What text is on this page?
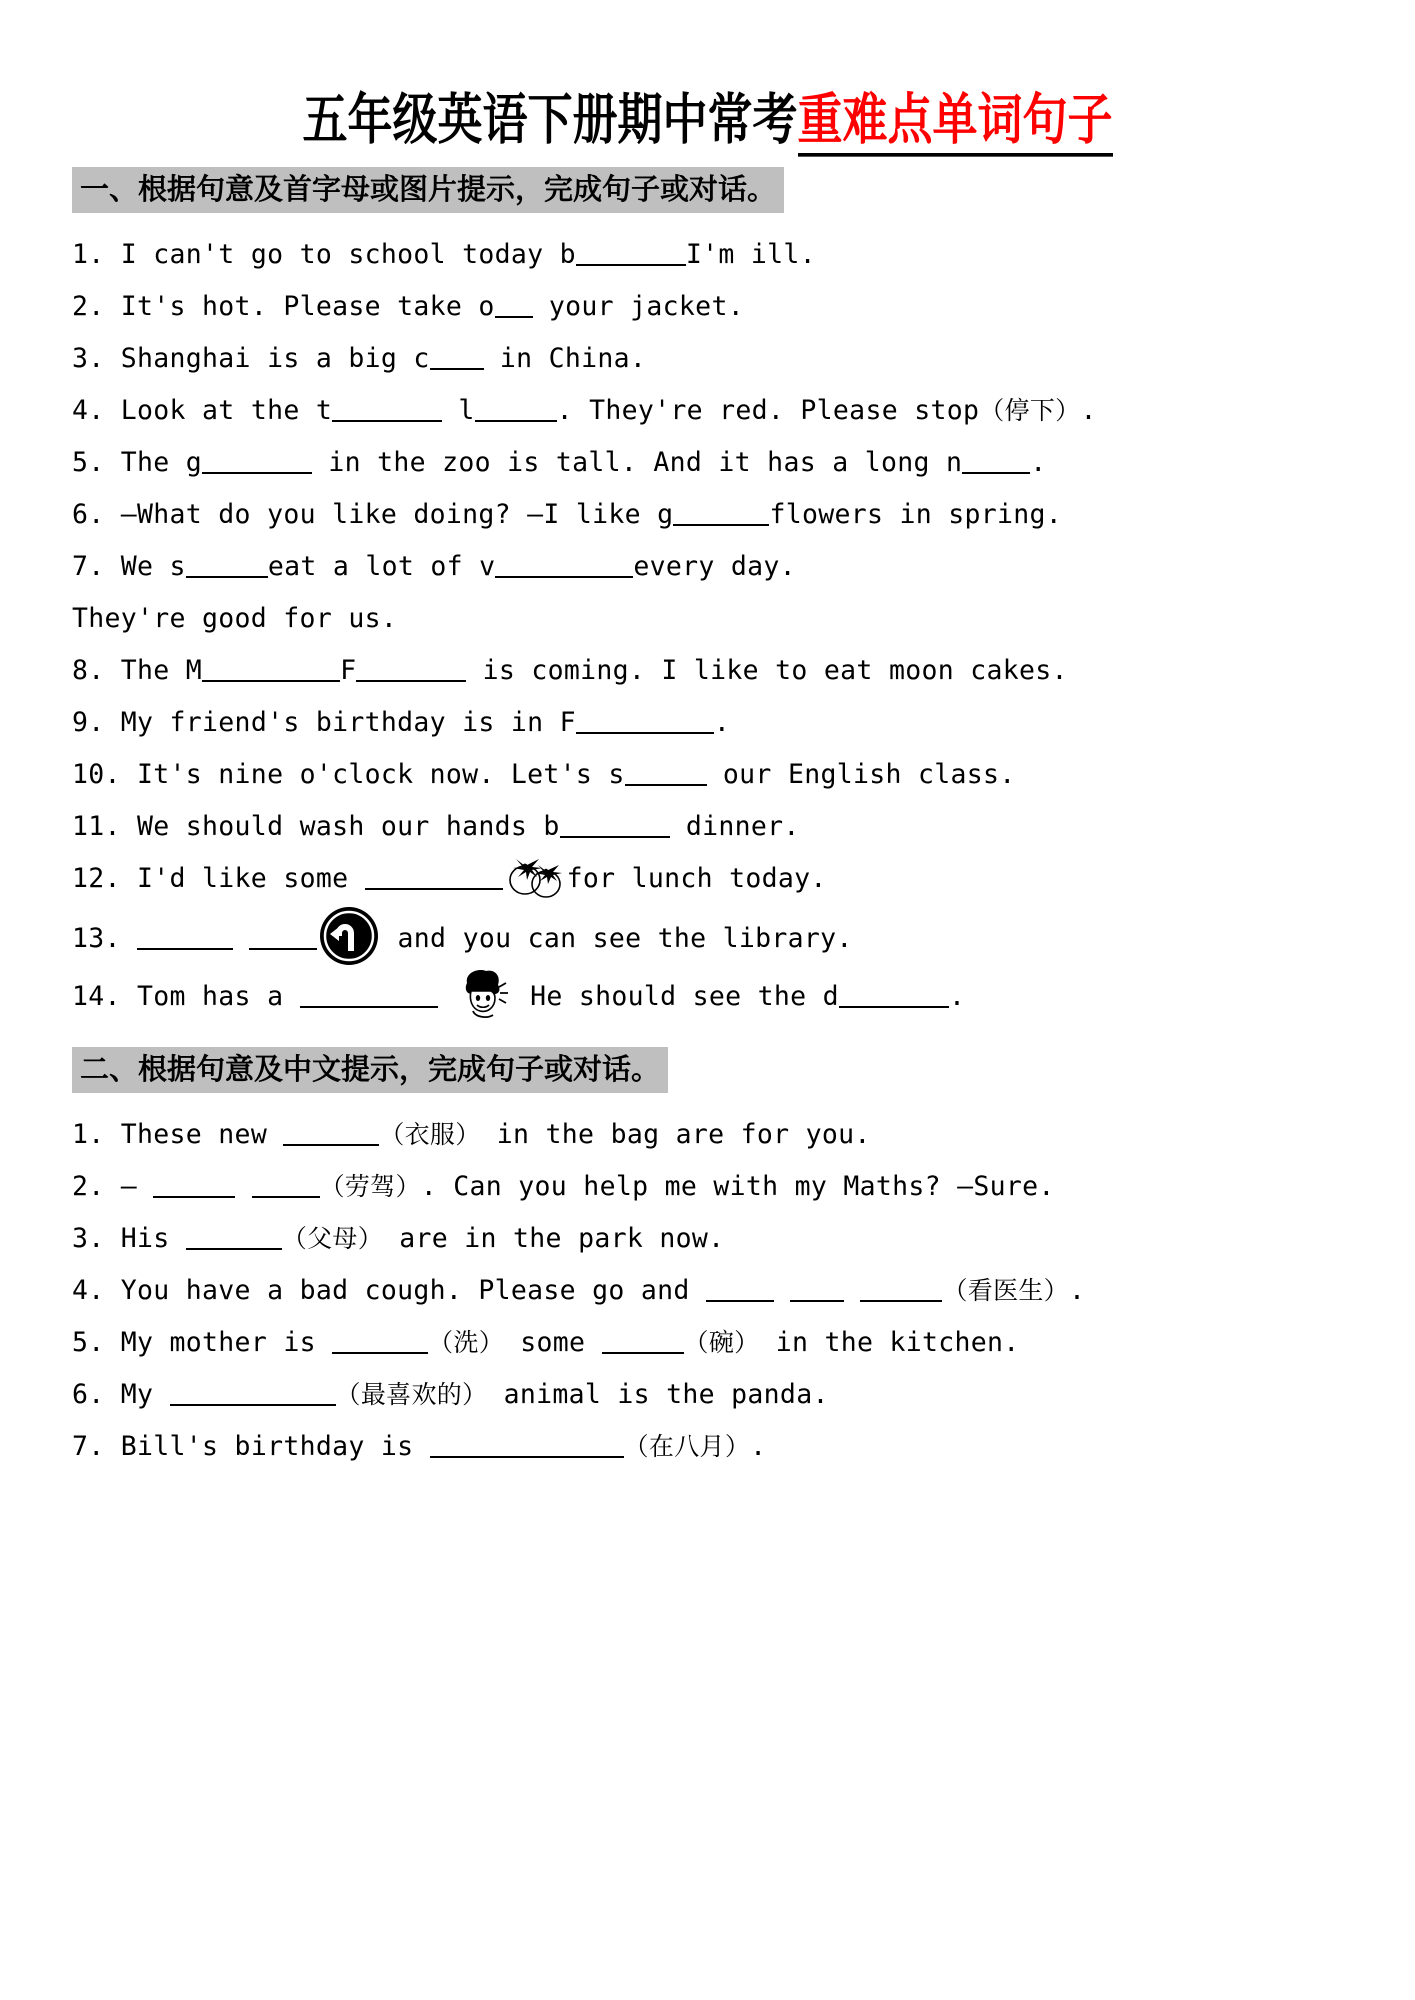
五年级英语下册期中常考重难点单词句子
一、根据句意及首字母或图片提示，完成句子或对话。
1. I can't go to school today b	I'm ill.
2. It's hot. Please take o your jacket.
3. Shanghai is a big c in China.
4. Look at the t	l	. They're red. Please stop（停下）.
5. The g	in the zoo is tall. And it has a long n	.
6. —What do you like doing? —I like g	flowers in spring.
7. We s	eat a lot of v	every day.
They're good for us.
8. The M	F	is coming. I like to eat moon cakes.
9. My friend's birthday is in F	.
10. It's nine o'clock now. Let's s	our English class.
11. We should wash our hands b	dinner.
12. I'd like some	for lunch today.
13.	and you can see the library.
14. Tom has a	He should see the d	.
二、根据句意及中文提示，完成句子或对话。
1. These new	（衣服） in the bag are for you.
2. —	（劳驾）. Can you help me with my Maths? —Sure.
3. His	（父母） are in the park now.
4. You have a bad cough. Please go and	（看医生）.
5. My mother is	（洗） some	（碗） in the kitchen.
6. My	（最喜欢的） animal is the panda.
7. Bill's birthday is	（在八月）.
